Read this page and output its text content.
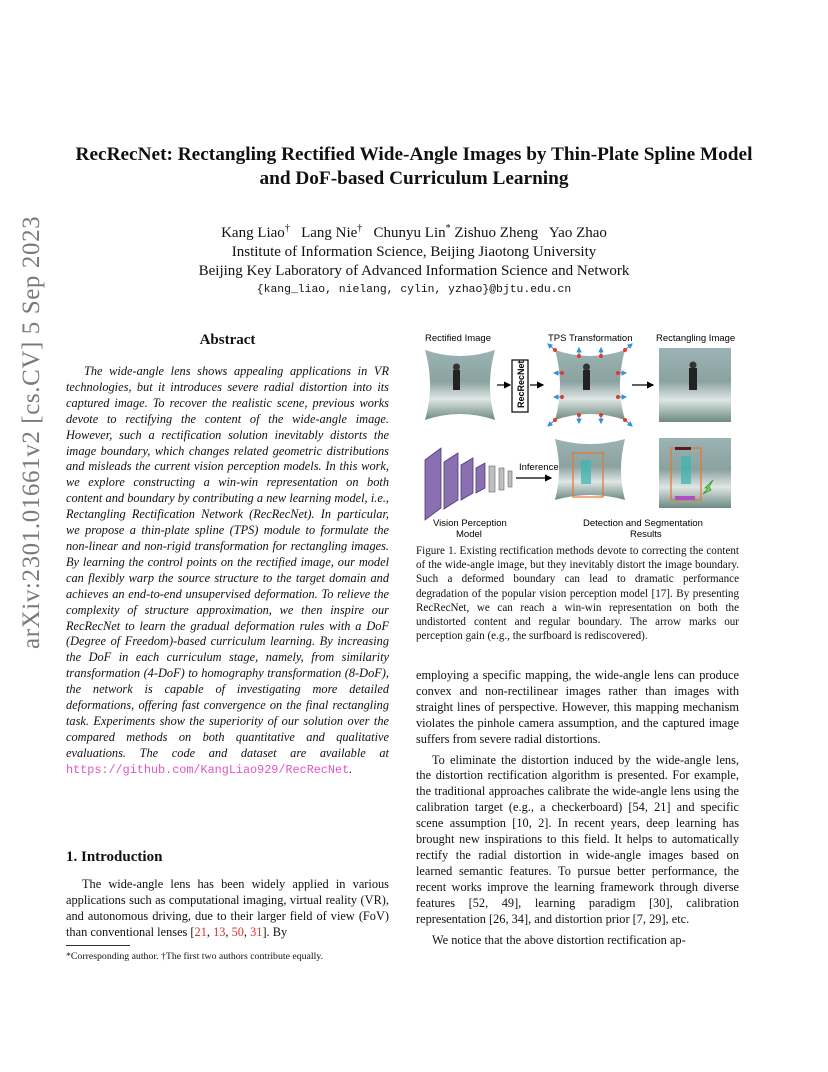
arXiv:2301.01661v2 [cs.CV] 5 Sep 2023
RecRecNet: Rectangling Rectified Wide-Angle Images by Thin-Plate Spline Model and DoF-based Curriculum Learning
Kang Liao† Lang Nie† Chunyu Lin* Zishuo Zheng Yao Zhao
Institute of Information Science, Beijing Jiaotong University
Beijing Key Laboratory of Advanced Information Science and Network
{kang_liao, nielang, cylin, yzhao}@bjtu.edu.cn
Abstract
The wide-angle lens shows appealing applications in VR technologies, but it introduces severe radial distortion into its captured image. To recover the realistic scene, previous works devote to rectifying the content of the wide-angle image. However, such a rectification solution inevitably distorts the image boundary, which changes related geometric distributions and misleads the current vision perception models. In this work, we explore constructing a win-win representation on both content and boundary by contributing a new learning model, i.e., Rectangling Rectification Network (RecRecNet). In particular, we propose a thin-plate spline (TPS) module to formulate the non-linear and non-rigid transformation for rectangling images. By learning the control points on the rectified image, our model can flexibly warp the source structure to the target domain and achieves an end-to-end unsupervised deformation. To relieve the complexity of structure approximation, we then inspire our RecRecNet to learn the gradual deformation rules with a DoF (Degree of Freedom)-based curriculum learning. By increasing the DoF in each curriculum stage, namely, from similarity transformation (4-DoF) to homography transformation (8-DoF), the network is capable of investigating more detailed deformations, offering fast convergence on the final rectangling task. Experiments show the superiority of our solution over the compared methods on both quantitative and qualitative evaluations. The code and dataset are available at https://github.com/KangLiao929/RecRecNet.
1. Introduction
The wide-angle lens has been widely applied in various applications such as computational imaging, virtual reality (VR), and autonomous driving, due to their larger field of view (FoV) than conventional lenses [21, 13, 50, 31]. By
*Corresponding author. †The first two authors contribute equally.
Rectified Image	TPS Transformation Rectangling Image
RecRecNet
Vision Perception Model
Inference
Detection and Segmentation Results
Figure 1. Existing rectification methods devote to correcting the content of the wide-angle image, but they inevitably distort the image boundary. Such a deformed boundary can lead to dramatic performance degradation of the popular vision perception model [17]. By presenting RecRecNet, we can reach a win-win representation on both the undistorted content and regular boundary. The arrow marks our perception gain (e.g., the surfboard is rediscovered).
employing a specific mapping, the wide-angle lens can produce convex and non-rectilinear images rather than images with straight lines of perspective. However, this mapping mechanism violates the pinhole camera assumption, and the captured image suffers from severe radial distortions.
To eliminate the distortion induced by the wide-angle lens, the distortion rectification algorithm is presented. For example, the traditional approaches calibrate the wide-angle lens using the calibration target (e.g., a checkerboard) [54, 21] and specific scene assumption [10, 2]. In recent years, deep learning has brought new inspirations to this field. It helps to automatically rectify the radial distortion in wide-angle images based on learned semantic features. To pursue better performance, the recent works improve the learning framework through diverse features [52, 49], learning paradigm [30], calibration representation [26, 34], and distortion prior [7, 29], etc.
We notice that the above distortion rectification ap-
